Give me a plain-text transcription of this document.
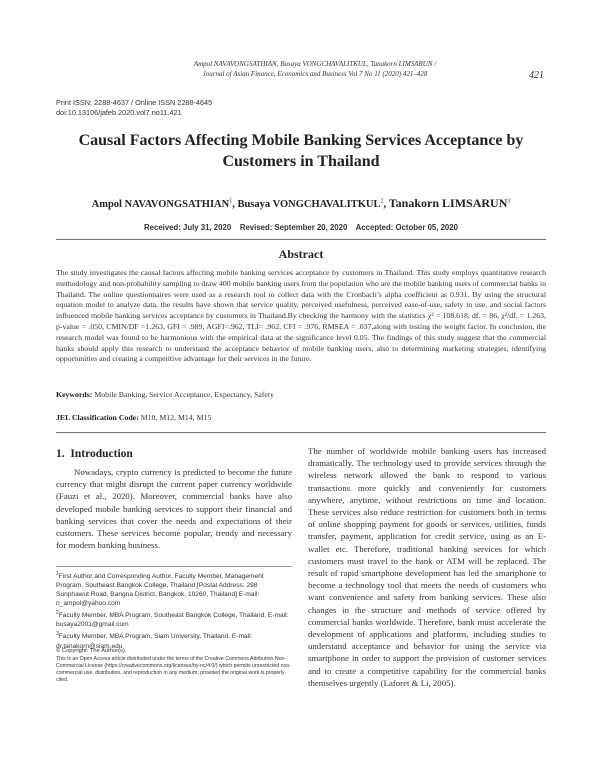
Ampol NAVAVONGSATHIAN, Busaya VONGCHAVALITKUL, Tanakorn LIMSARUN /
Journal of Asian Finance, Economics and Business Vol 7 No 11 (2020) 421–428	421
Print ISSN: 2288-4637 / Online ISSN 2288-4645
doi:10.13106/jafeb.2020.vol7.no11.421
Causal Factors Affecting Mobile Banking Services Acceptance by
Customers in Thailand
Ampol NAVAVONGSATHIAN$^1$, Busaya VONGCHAVALITKUL$^2$, Tanakorn LIMSARUN$^3$
Received: July 31, 2020    Revised: September 20, 2020    Accepted: October 05, 2020
Abstract
The study investigates the causal factors affecting mobile banking services acceptance by customers in Thailand. This study employs quantitative research methodology and non-probability sampling to draw 400 mobile banking users from the population who are the mobile banking users of commercial banks in Thailand. The online questionnaires were used as a research tool to collect data with the Cronbach’s alpha coefficient as 0.931. By using the structural equation model to analyze data, the results have shown that service quality, perceived usefulness, perceived ease-of-use, safety in use, and social factors influenced mobile banking services acceptance by customers in Thailand.By checking the harmony with the statistics χ² = 108.618, df. = 86, χ²/df. = 1.263, p-value = .050, CMIN/DF =1.263, GFI = .989, AGFI=.962, TLI= .962, CFI = .976, RMSEA = .037,along with testing the weight factor. In conclusion, the research model was found to be harmonious with the empirical data at the significance level 0.05. The findings of this study suggest that the commercial banks should apply this research to understand the acceptance behavior of mobile banking users, also to determining marketing strategies, identifying opportunities and creating a competitive advantage for their services in the future.
Keywords: Mobile Banking, Service Acceptance, Expectancy, Safety
JEL Classification Code: M10, M12, M14, M15
1.  Introduction
Nowadays, crypto currency is predicted to become the future currency that might disrupt the current paper currency worldwide (Fauzi et al., 2020). Moreover, commercial banks have also developed mobile banking services to support their financial and banking services that cover the needs and expectations of their customers. These services become popular, trendy and necessary for modern banking business.
The number of worldwide mobile banking users has increased dramatically. The technology used to provide services through the wireless network allowed the bank to respond to various transactions more quickly and conveniently for customers anywhere, anytime, without restrictions on time and location. These services also reduce restriction for customers both in terms of online shopping payment for goods or services, utilities, funds transfer, payment, application for credit service, using as an E-wallet etc. Therefore, traditional banking services for which customers must travel to the bank or ATM will be replaced. The result of rapid smartphone development has led the smartphone to become a technology tool that meets the needs of customers who want convenience and safety from banking services. These also changes in the structure and methods of service offered by commercial banks worldwide. Therefore, bank must accelerate the development of applications and platforms, including studies to understand acceptance and behavior for using the service via smartphone in order to support the provision of customer services and to create a competitive capability for the commercial banks themselves urgently (Laforet & Li, 2005).
$^1$First Author and Corresponding Author. Faculty Member, Management Program, Southeast Bangkok College, Thailand [Postal Address: 298 Sunphawut Road, Bangna District, Bangkok, 10260, Thailand] E-mail: n_ampol@yahoo.com
$^2$Faculty Member, MBA Program, Southeast Bangkok College, Thailand. E-mail: busaya2001@gmail.com
$^3$Faculty Member, MBA Program, Siam University, Thailand. E-mail: dr.tanakorn@siam.edu
© Copyright: The Author(s)
This is an Open Access article distributed under the terms of the Creative Commons Attribution Non-Commercial License (https://creativecommons.org/licenses/by-nc/4.0/) which permits unrestricted non-commercial use, distribution, and reproduction in any medium, provided the original work is properly cited.
